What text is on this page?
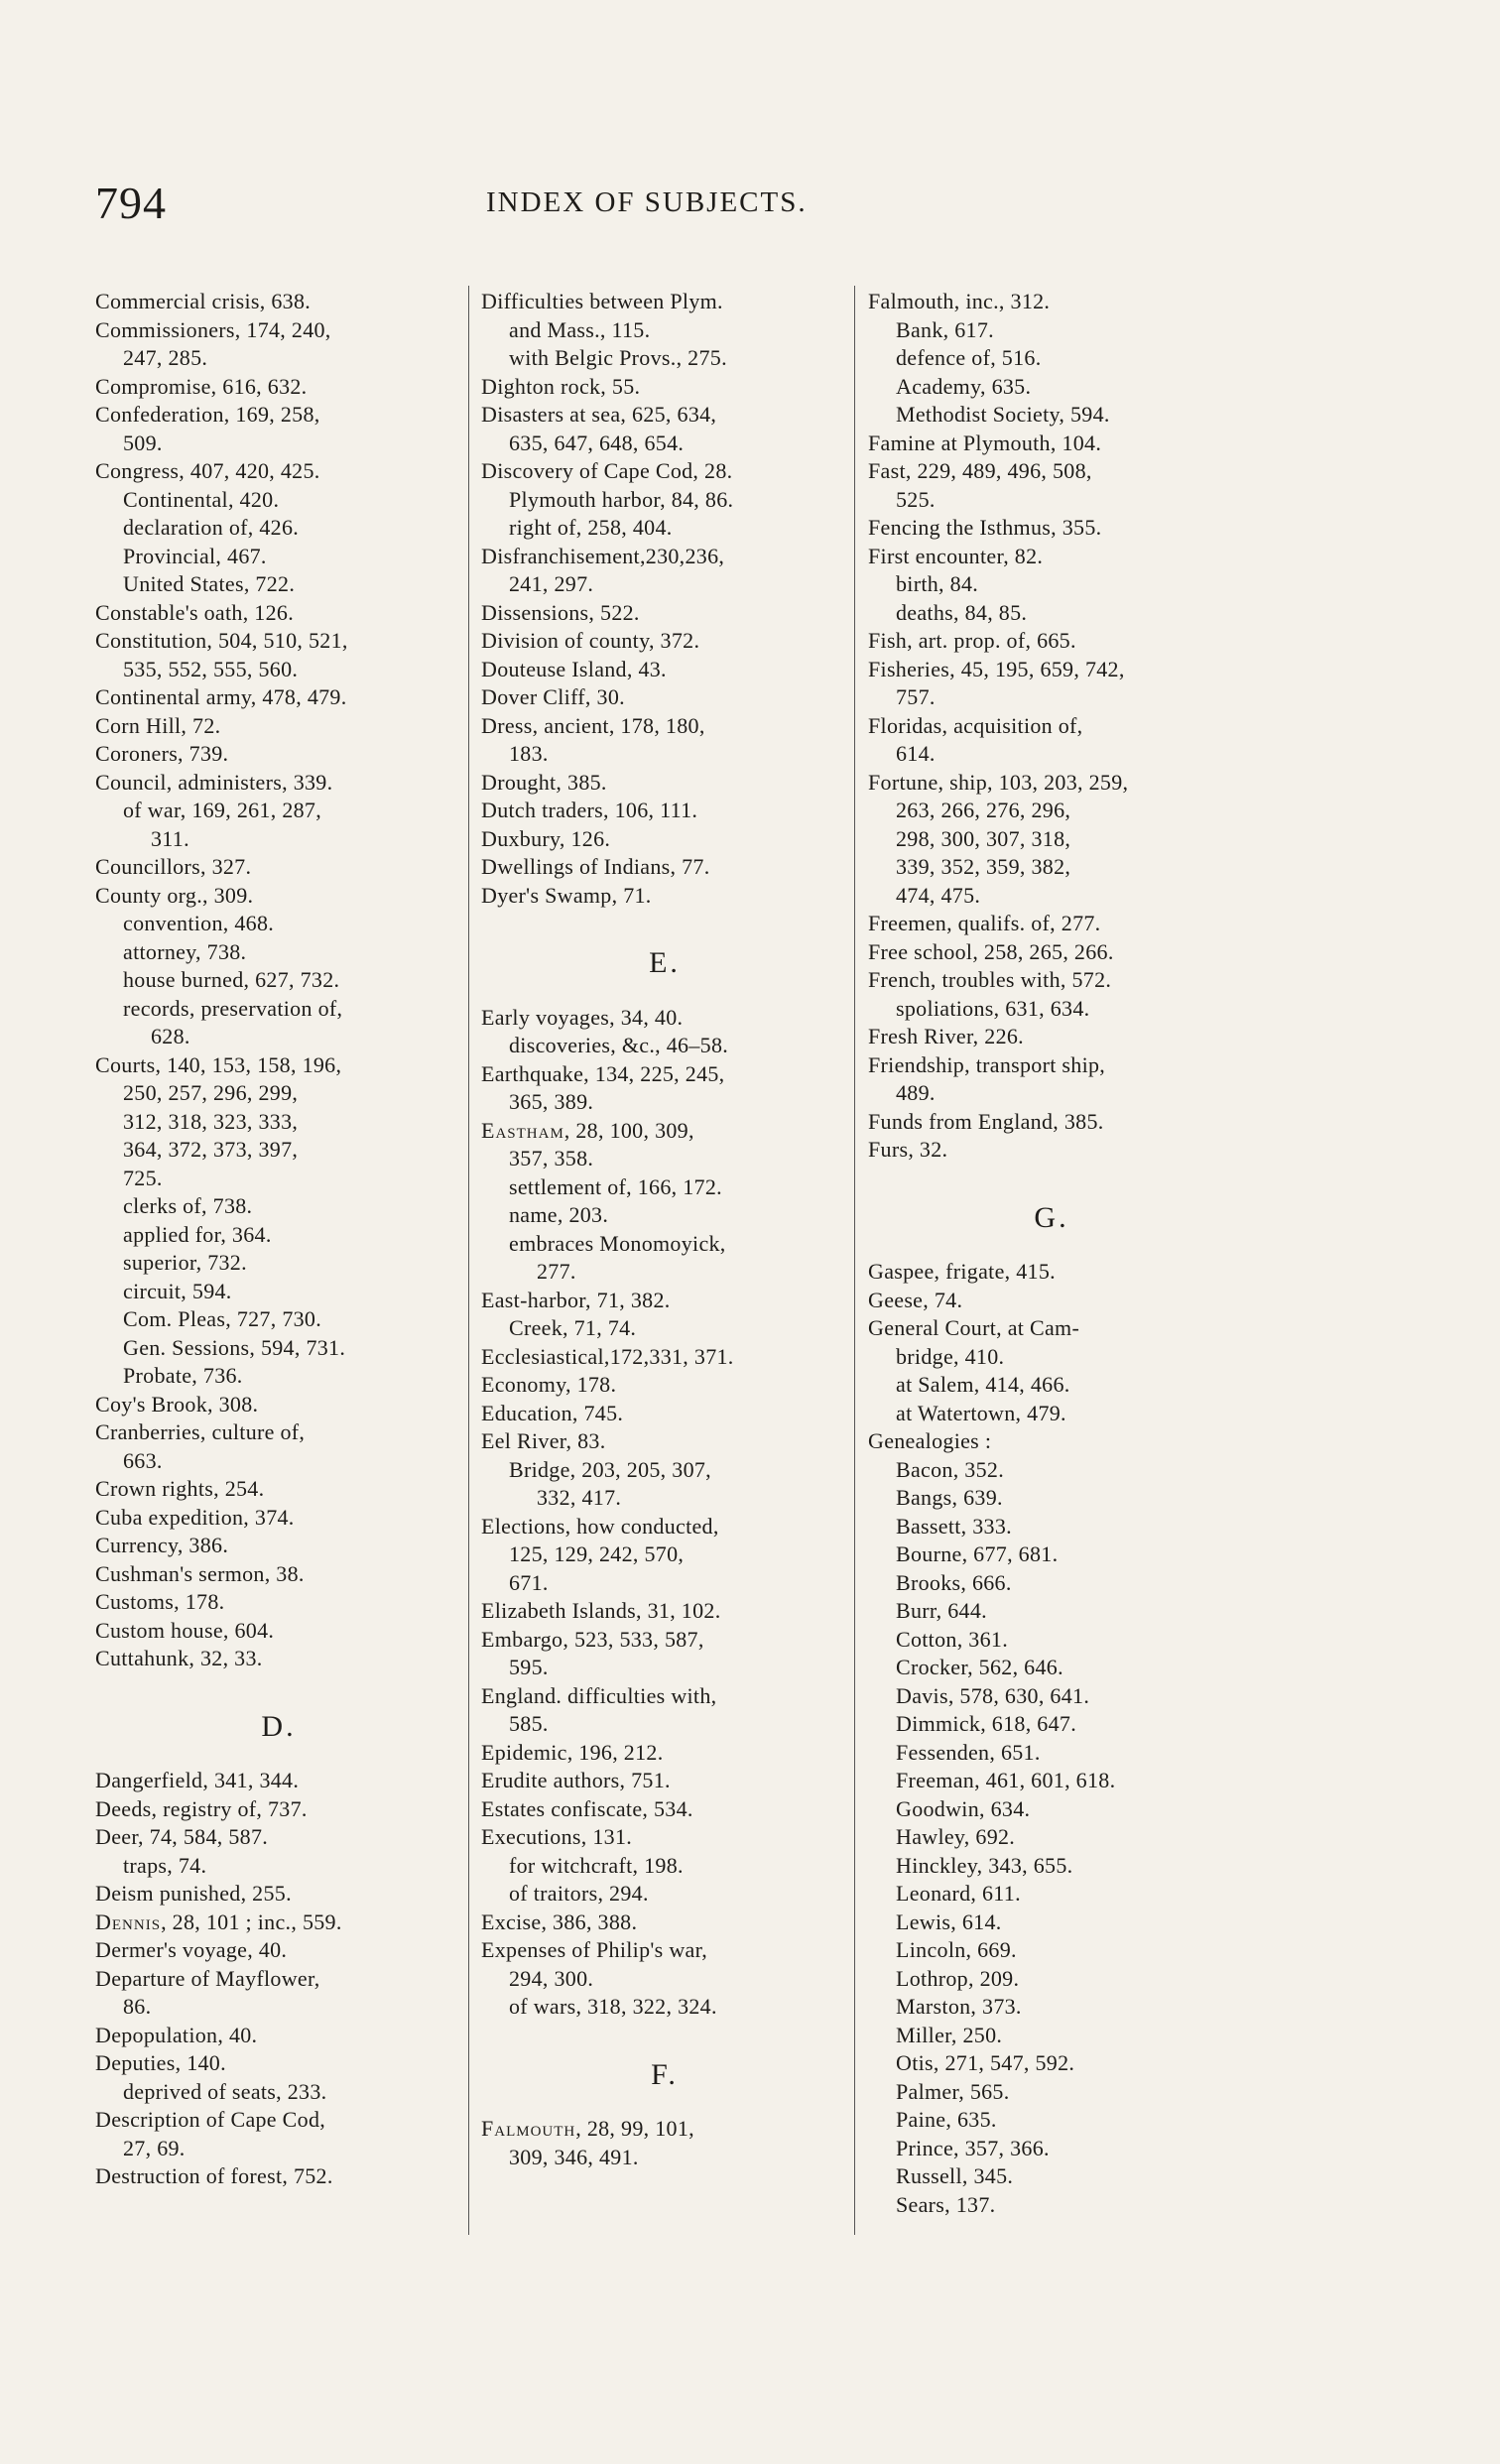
794	INDEX OF SUBJECTS.
Commercial crisis, 638.
Commissioners, 174, 240,
247, 285.
Compromise, 616, 632.
Confederation, 169, 258,
509.
Congress, 407, 420, 425.
Continental, 420.
declaration of, 426.
Provincial, 467.
United States, 722.
Constable's oath, 126.
Constitution, 504, 510, 521,
535, 552, 555, 560.
Continental army, 478, 479.
Corn Hill, 72.
Coroners, 739.
Council, administers, 339.
of war, 169, 261, 287,
311.
Councillors, 327.
County org., 309.
convention, 468.
attorney, 738.
house burned, 627, 732.
records, preservation of,
628.
Courts, 140, 153, 158, 196,
250, 257, 296, 299,
312, 318, 323, 333,
364, 372, 373, 397,
725.
clerks of, 738.
applied for, 364.
superior, 732.
circuit, 594.
Com. Pleas, 727, 730.
Gen. Sessions, 594, 731.
Probate, 736.
Coy's Brook, 308.
Cranberries, culture of,
663.
Crown rights, 254.
Cuba expedition, 374.
Currency, 386.
Cushman's sermon, 38.
Customs, 178.
Custom house, 604.
Cuttahunk, 32, 33.
D.
Dangerfield, 341, 344.
Deeds, registry of, 737.
Deer, 74, 584, 587.
traps, 74.
Deism punished, 255.
Dennis, 28, 101 ; inc., 559.
Dermer's voyage, 40.
Departure of Mayflower,
86.
Depopulation, 40.
Deputies, 140.
deprived of seats, 233.
Description of Cape Cod,
27, 69.
Destruction of forest, 752.
Difficulties between Plym.
and Mass., 115.
with Belgic Provs., 275.
Dighton rock, 55.
Disasters at sea, 625, 634,
635, 647, 648, 654.
Discovery of Cape Cod, 28.
Plymouth harbor, 84, 86.
right of, 258, 404.
Disfranchisement,230,236,
241, 297.
Dissensions, 522.
Division of county, 372.
Douteuse Island, 43.
Dover Cliff, 30.
Dress, ancient, 178, 180,
183.
Drought, 385.
Dutch traders, 106, 111.
Duxbury, 126.
Dwellings of Indians, 77.
Dyer's Swamp, 71.
E.
Early voyages, 34, 40.
discoveries, &c., 46–58.
Earthquake, 134, 225, 245,
365, 389.
Eastham, 28, 100, 309,
357, 358.
settlement of, 166, 172.
name, 203.
embraces Monomoyick,
277.
East-harbor, 71, 382.
Creek, 71, 74.
Ecclesiastical,172,331, 371.
Economy, 178.
Education, 745.
Eel River, 83.
Bridge, 203, 205, 307,
332, 417.
Elections, how conducted,
125, 129, 242, 570,
671.
Elizabeth Islands, 31, 102.
Embargo, 523, 533, 587,
595.
England. difficulties with,
585.
Epidemic, 196, 212.
Erudite authors, 751.
Estates confiscate, 534.
Executions, 131.
for witchcraft, 198.
of traitors, 294.
Excise, 386, 388.
Expenses of Philip's war,
294, 300.
of wars, 318, 322, 324.
F.
Falmouth, 28, 99, 101,
309, 346, 491.
Falmouth, inc., 312.
Bank, 617.
defence of, 516.
Academy, 635.
Methodist Society, 594.
Famine at Plymouth, 104.
Fast, 229, 489, 496, 508,
525.
Fencing the Isthmus, 355.
First encounter, 82.
birth, 84.
deaths, 84, 85.
Fish, art. prop. of, 665.
Fisheries, 45, 195, 659, 742,
757.
Floridas, acquisition of,
614.
Fortune, ship, 103, 203, 259,
263, 266, 276, 296,
298, 300, 307, 318,
339, 352, 359, 382,
474, 475.
Freemen, qualifs. of, 277.
Free school, 258, 265, 266.
French, troubles with, 572.
spoliations, 631, 634.
Fresh River, 226.
Friendship, transport ship,
489.
Funds from England, 385.
Furs, 32.
G.
Gaspee, frigate, 415.
Geese, 74.
General Court, at Cam-
bridge, 410.
at Salem, 414, 466.
at Watertown, 479.
Genealogies :
Bacon, 352.
Bangs, 639.
Bassett, 333.
Bourne, 677, 681.
Brooks, 666.
Burr, 644.
Cotton, 361.
Crocker, 562, 646.
Davis, 578, 630, 641.
Dimmick, 618, 647.
Fessenden, 651.
Freeman, 461, 601, 618.
Goodwin, 634.
Hawley, 692.
Hinckley, 343, 655.
Leonard, 611.
Lewis, 614.
Lincoln, 669.
Lothrop, 209.
Marston, 373.
Miller, 250.
Otis, 271, 547, 592.
Palmer, 565.
Paine, 635.
Prince, 357, 366.
Russell, 345.
Sears, 137.
